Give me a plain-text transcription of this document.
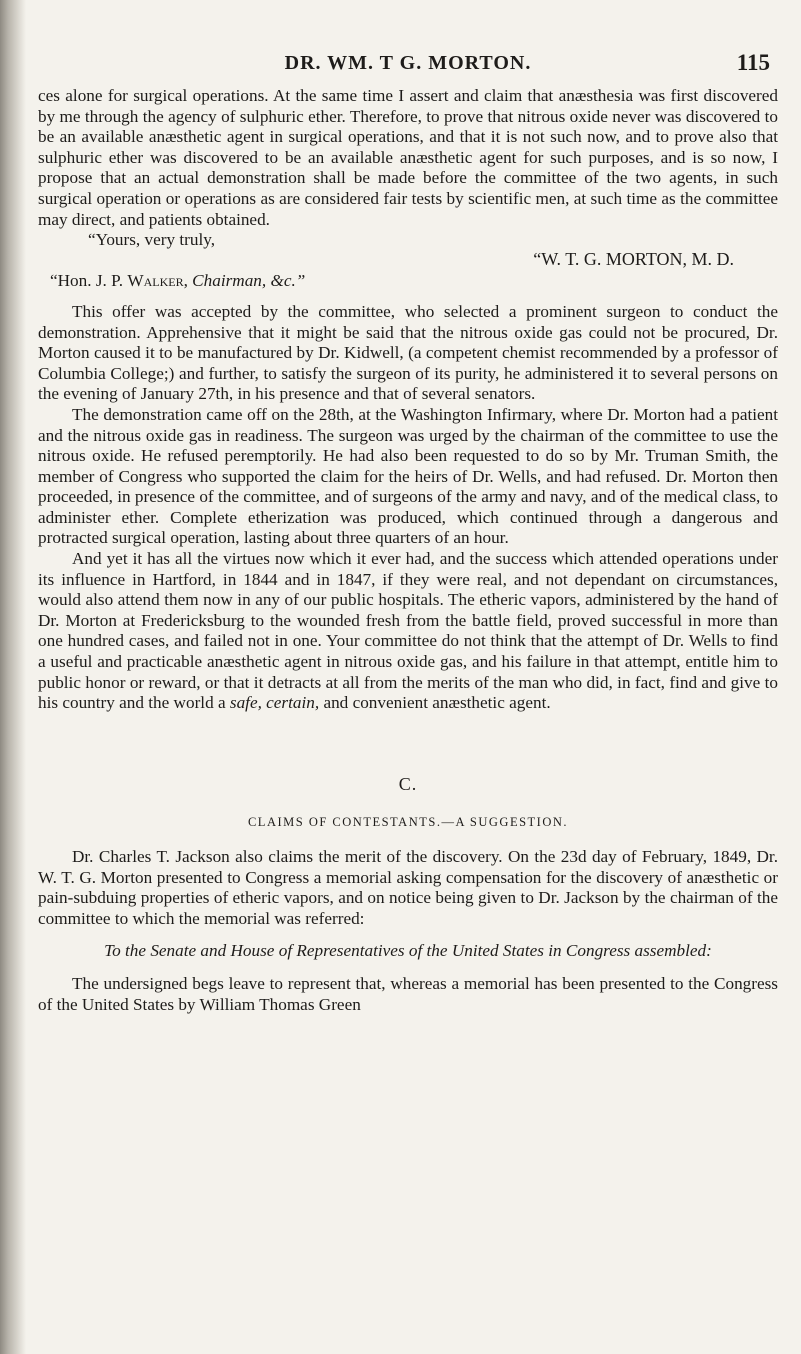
DR. WM. T G. MORTON.	115

ces alone for surgical operations. At the same time I assert and claim that anæsthesia was first discovered by me through the agency of sulphuric ether. Therefore, to prove that nitrous oxide never was discovered to be an available anæsthetic agent in surgical operations, and that it is not such now, and to prove also that sulphuric ether was discovered to be an available anæsthetic agent for such purposes, and is so now, I propose that an actual demonstration shall be made before the committee of the two agents, in such surgical operation or operations as are considered fair tests by scientific men, at such time as the committee may direct, and patients obtained.

“Yours, very truly,

“W. T. G. MORTON, M. D.

“Hon. J. P. Walker, Chairman, &c.”

This offer was accepted by the committee, who selected a prominent surgeon to conduct the demonstration. Apprehensive that it might be said that the nitrous oxide gas could not be procured, Dr. Morton caused it to be manufactured by Dr. Kidwell, (a competent chemist recommended by a professor of Columbia College;) and further, to satisfy the surgeon of its purity, he administered it to several persons on the evening of January 27th, in his presence and that of several senators.

The demonstration came off on the 28th, at the Washington Infirmary, where Dr. Morton had a patient and the nitrous oxide gas in readiness. The surgeon was urged by the chairman of the committee to use the nitrous oxide. He refused peremptorily. He had also been requested to do so by Mr. Truman Smith, the member of Congress who supported the claim for the heirs of Dr. Wells, and had refused. Dr. Morton then proceeded, in presence of the committee, and of surgeons of the army and navy, and of the medical class, to administer ether. Complete etherization was produced, which continued through a dangerous and protracted surgical operation, lasting about three quarters of an hour.

And yet it has all the virtues now which it ever had, and the success which attended operations under its influence in Hartford, in 1844 and in 1847, if they were real, and not dependant on circumstances, would also attend them now in any of our public hospitals. The etheric vapors, administered by the hand of Dr. Morton at Fredericksburg to the wounded fresh from the battle field, proved successful in more than one hundred cases, and failed not in one. Your committee do not think that the attempt of Dr. Wells to find a useful and practicable anæsthetic agent in nitrous oxide gas, and his failure in that attempt, entitle him to public honor or reward, or that it detracts at all from the merits of the man who did, in fact, find and give to his country and the world a safe, certain, and convenient anæsthetic agent.

C.

CLAIMS OF CONTESTANTS.—A SUGGESTION.

Dr. Charles T. Jackson also claims the merit of the discovery. On the 23d day of February, 1849, Dr. W. T. G. Morton presented to Congress a memorial asking compensation for the discovery of anæsthetic or pain-subduing properties of etheric vapors, and on notice being given to Dr. Jackson by the chairman of the committee to which the memorial was referred:

To the Senate and House of Representatives of the United States in Congress assembled:

The undersigned begs leave to represent that, whereas a memorial has been presented to the Congress of the United States by William Thomas Green
